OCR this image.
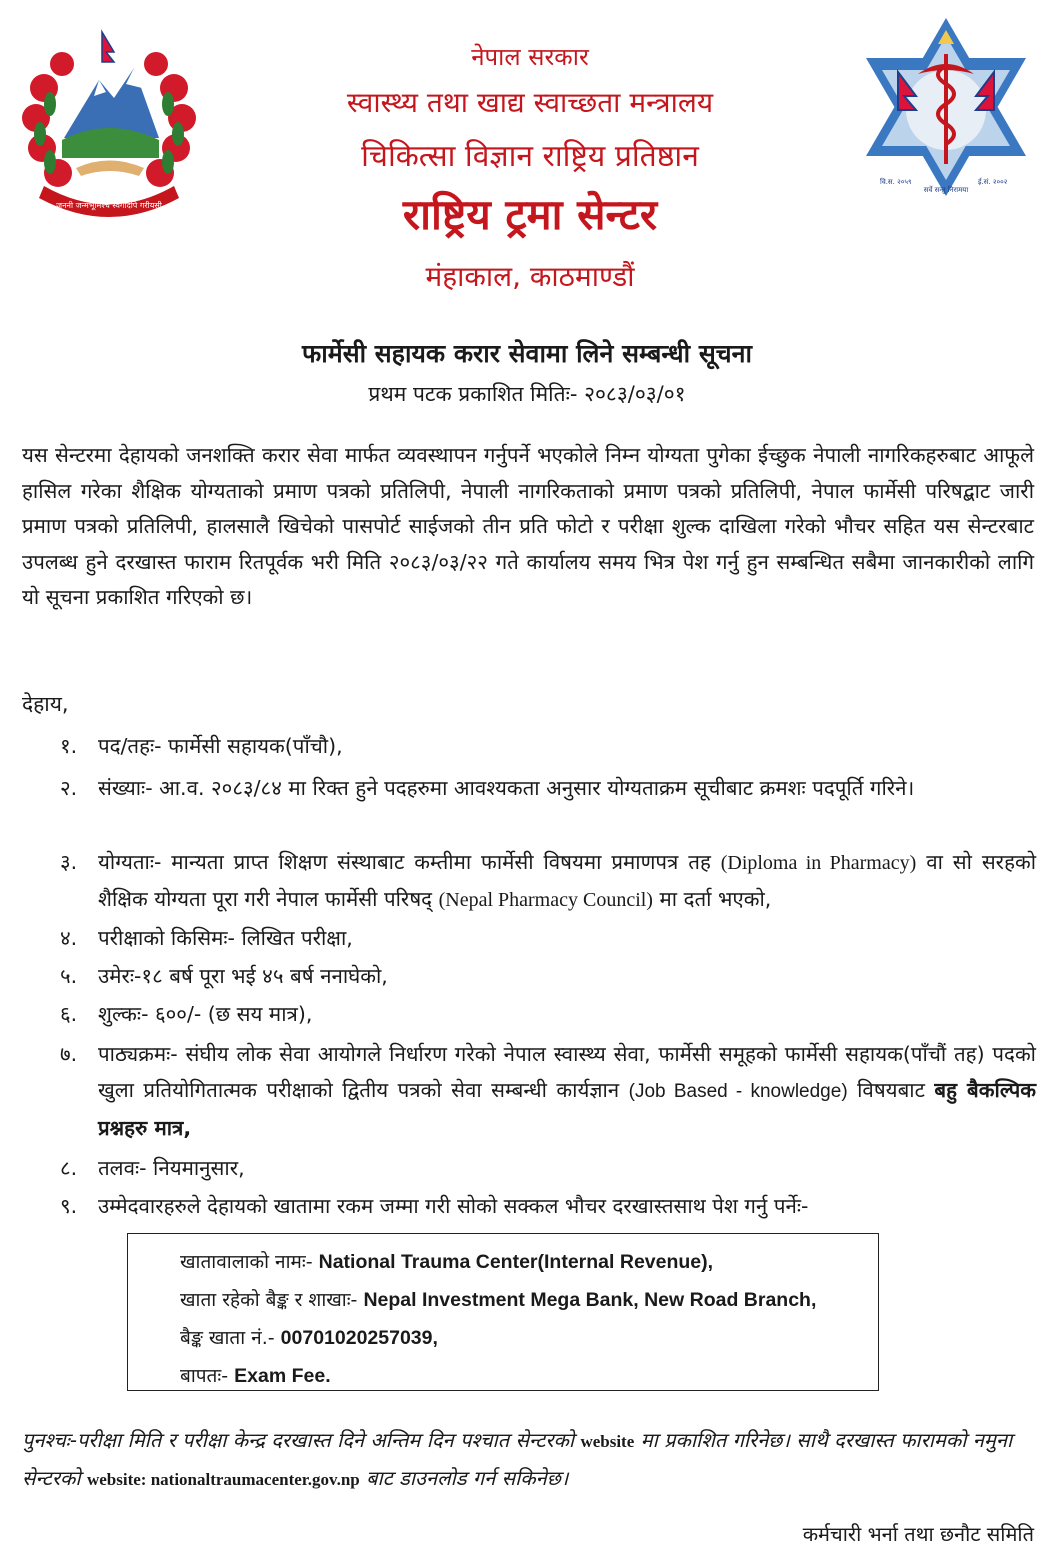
जननी जन्मभूमिश्च स्वर्गादपि गरीयसी
वि.स. २०५९	ई.सं. २००२
सर्वे सन्तु निरामया
नेपाल सरकार
स्वास्थ्य तथा खाद्य स्वाच्छता मन्त्रालय
चिकित्सा विज्ञान राष्ट्रिय प्रतिष्ठान
राष्ट्रिय ट्रमा सेन्टर
मंहाकाल, काठमाण्डौं
फार्मेसी सहायक करार सेवामा लिने सम्बन्धी सूचना
प्रथम पटक प्रकाशित मितिः- २०८३/०३/०१
यस सेन्टरमा देहायको जनशक्ति करार सेवा मार्फत व्यवस्थापन गर्नुपर्ने भएकोले निम्न योग्यता पुगेका ईच्छुक नेपाली नागरिकहरुबाट आफूले हासिल गरेका शैक्षिक योग्यताको प्रमाण पत्रको प्रतिलिपी, नेपाली नागरिकताको प्रमाण पत्रको प्रतिलिपी, नेपाल फार्मेसी परिषद्बाट जारी प्रमाण पत्रको प्रतिलिपी, हालसालै खिचेको पासपोर्ट साईजको तीन प्रति फोटो र परीक्षा शुल्क दाखिला गरेको भौचर सहित यस सेन्टरबाट उपलब्ध हुने दरखास्त फाराम रितपूर्वक भरी मिति २०८३/०३/२२ गते कार्यालय समय भित्र पेश गर्नु हुन सम्बन्धित सबैमा जानकारीको लागि यो सूचना प्रकाशित गरिएको छ।
देहाय,
१. पद/तहः- फार्मेसी सहायक(पाँचौ),
२. संख्याः- आ.व. २०८३/८४ मा रिक्त हुने पदहरुमा आवश्यकता अनुसार योग्यताक्रम सूचीबाट क्रमशः पदपूर्ति गरिने।
३. योग्यताः- मान्यता प्राप्त शिक्षण संस्थाबाट कम्तीमा फार्मेसी विषयमा प्रमाणपत्र तह (Diploma in Pharmacy) वा सो सरहको शैक्षिक योग्यता पूरा गरी नेपाल फार्मेसी परिषद् (Nepal Pharmacy Council) मा दर्ता भएको,
४. परीक्षाको किसिमः- लिखित परीक्षा,
५. उमेरः-१८ बर्ष पूरा भई ४५ बर्ष ननाघेको,
६. शुल्कः- ६००/- (छ सय मात्र),
७. पाठ्यक्रमः- संघीय लोक सेवा आयोगले निर्धारण गरेको नेपाल स्वास्थ्य सेवा, फार्मेसी समूहको फार्मेसी सहायक(पाँचौं तह) पदको खुला प्रतियोगितात्मक परीक्षाको द्वितीय पत्रको सेवा सम्बन्धी कार्यज्ञान (Job Based - knowledge) विषयबाट बहु बैकल्पिक प्रश्नहरु मात्र,
८. तलवः- नियमानुसार,
९. उम्मेदवारहरुले देहायको खातामा रकम जम्मा गरी सोको सक्कल भौचर दरखास्तसाथ पेश गर्नु पर्नेः-
खातावालाको नामः- National Trauma Center(Internal Revenue),
खाता रहेको बैङ्क र शाखाः- Nepal Investment Mega Bank, New Road Branch,
बैङ्क खाता नं.- 00701020257039,
बापतः- Exam Fee.
पुनश्चः-परीक्षा मिति र परीक्षा केन्द्र दरखास्त दिने अन्तिम दिन पश्चात सेन्टरको website मा प्रकाशित गरिनेछ। साथै दरखास्त फारामको नमुना सेन्टरको website: nationaltraumacenter.gov.np बाट डाउनलोड गर्न सकिनेछ।
कर्मचारी भर्ना तथा छनौट समिति
